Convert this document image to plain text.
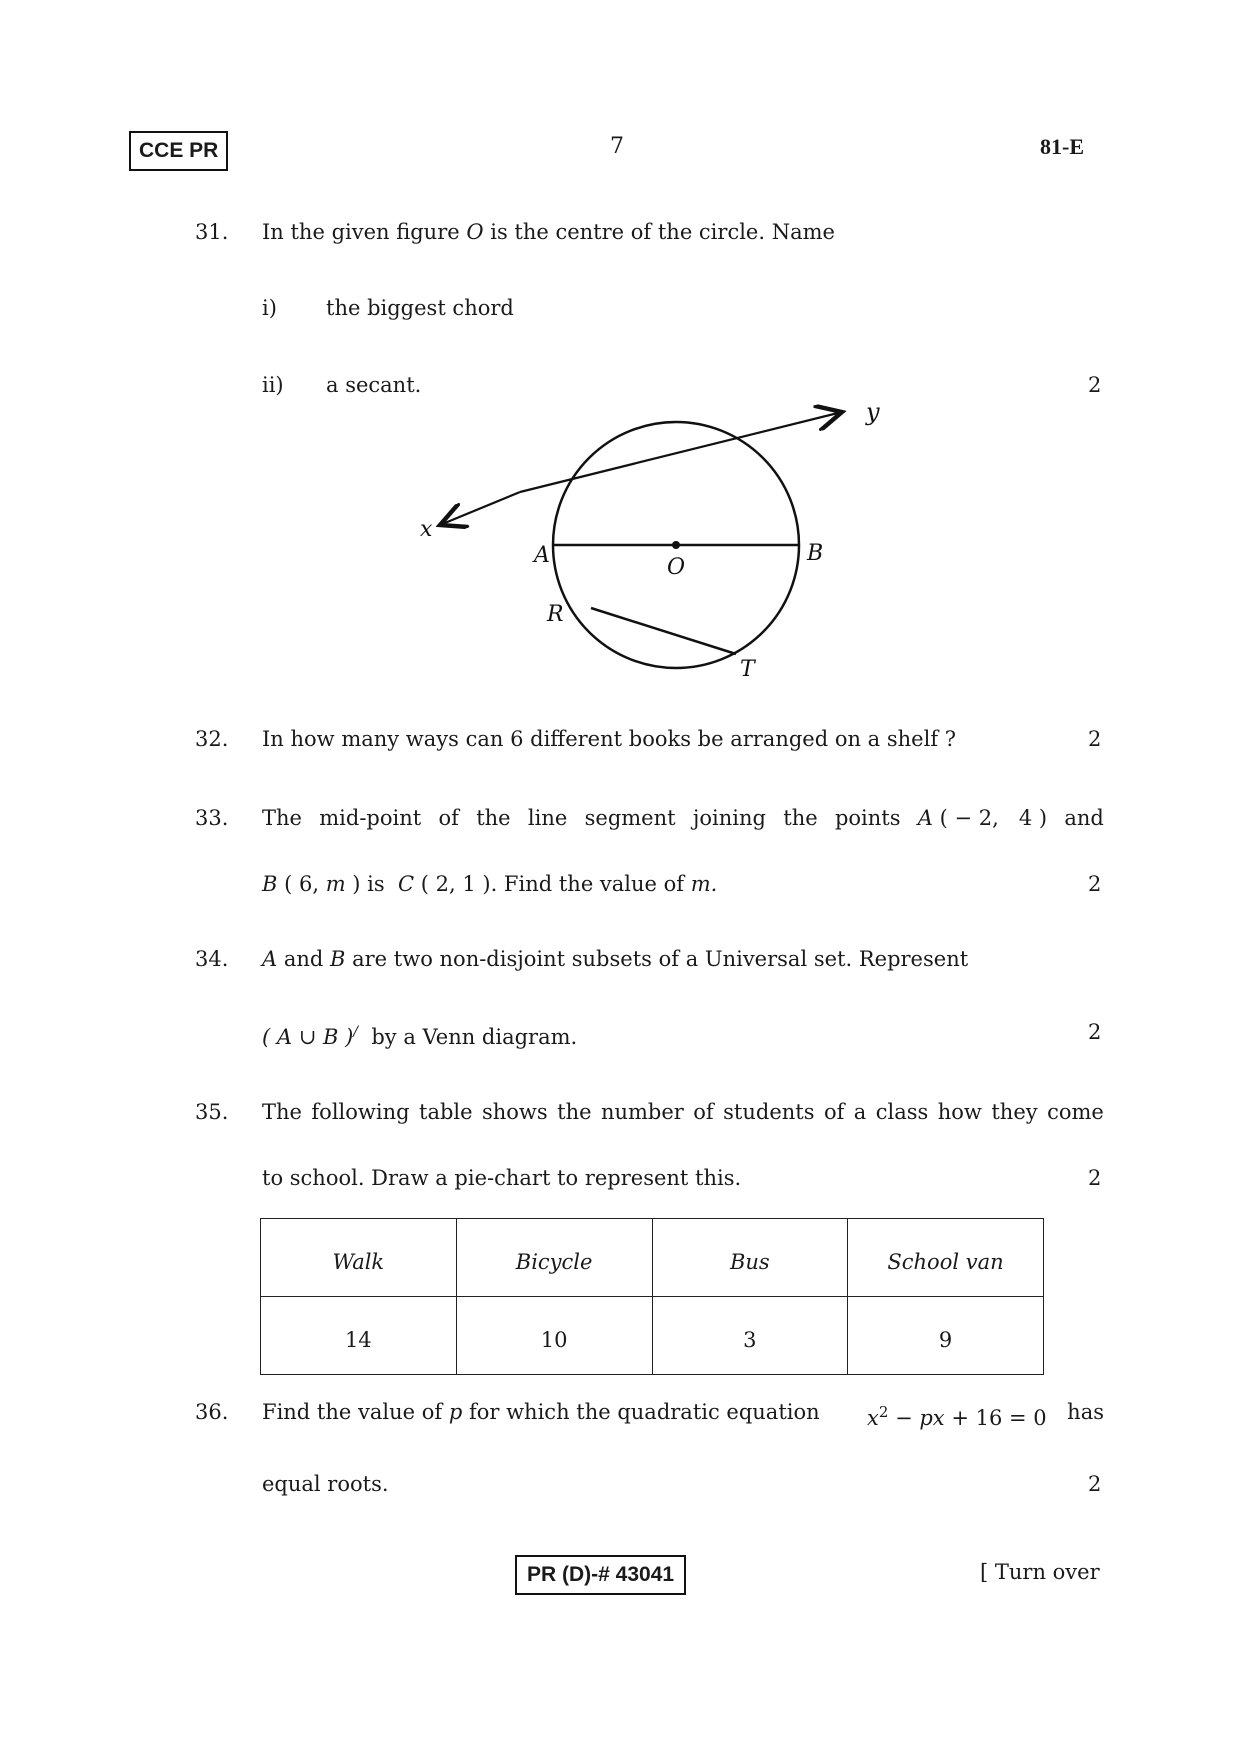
CCE PR	7	81-E
31. In the given figure O is the centre of the circle. Name
i) the biggest chord
ii) a secant.	2
x
y
A	O
B
R
T
32. In how many ways can 6 different books be arranged on a shelf ?	2
33. The mid-point of the line segment joining the points A ( − 2,   4 ) and
B ( 6, m ) is  C ( 2, 1 ). Find the value of m.	2
34. A and B are two non-disjoint subsets of a Universal set. Represent
( A ∪ B )/  by a Venn diagram.	2
35. The following table shows the number of students of a class how they come
to school. Draw a pie-chart to represent this.	2
Walk	Bicycle	Bus	School van
14	10	3	9
36. Find the value of p for which the quadratic equation $x^2$ − px + 16 = 0 has
equal roots.	2
PR (D)-# 43041	[ Turn over
